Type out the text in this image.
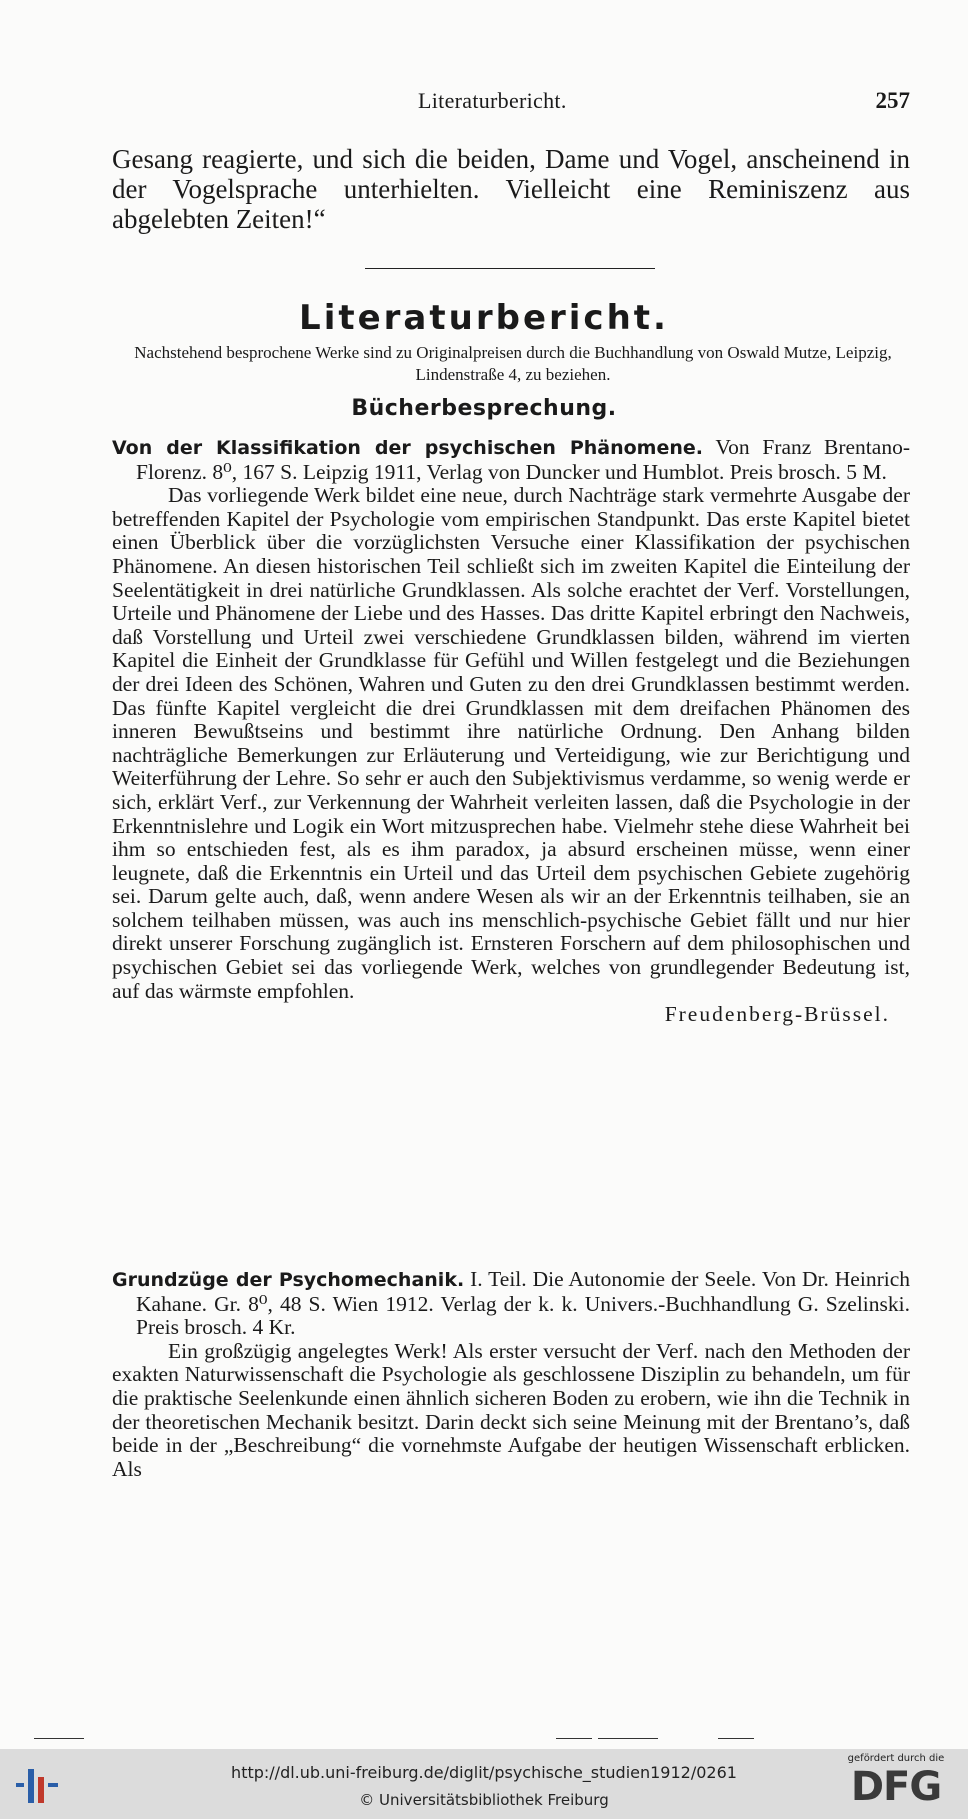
Literaturbericht.	257

Gesang reagierte, und sich die beiden, Dame und Vogel, anscheinend in der Vogelsprache unterhielten. Vielleicht eine Reminiszenz aus abgelebten Zeiten!“

Literaturbericht.
Nachstehend besprochene Werke sind zu Originalpreisen durch die Buchhandlung von Oswald Mutze, Leipzig, Lindenstraße 4, zu beziehen.
Bücherbesprechung.

Von der Klassifikation der psychischen Phänomene. Von Franz Brentano-Florenz. 8⁰, 167 S. Leipzig 1911, Verlag von Duncker und Humblot. Preis brosch. 5 M.

Das vorliegende Werk bildet eine neue, durch Nachträge stark vermehrte Ausgabe der betreffenden Kapitel der Psychologie vom empirischen Standpunkt. Das erste Kapitel bietet einen Überblick über die vorzüglichsten Versuche einer Klassifikation der psychischen Phänomene. An diesen historischen Teil schließt sich im zweiten Kapitel die Einteilung der Seelentätigkeit in drei natürliche Grundklassen. Als solche erachtet der Verf. Vorstellungen, Urteile und Phänomene der Liebe und des Hasses. Das dritte Kapitel erbringt den Nachweis, daß Vorstellung und Urteil zwei verschiedene Grundklassen bilden, während im vierten Kapitel die Einheit der Grundklasse für Gefühl und Willen festgelegt und die Beziehungen der drei Ideen des Schönen, Wahren und Guten zu den drei Grundklassen bestimmt werden. Das fünfte Kapitel vergleicht die drei Grundklassen mit dem dreifachen Phänomen des inneren Bewußtseins und bestimmt ihre natürliche Ordnung. Den Anhang bilden nachträgliche Bemerkungen zur Erläuterung und Verteidigung, wie zur Berichtigung und Weiterführung der Lehre. So sehr er auch den Subjektivismus verdamme, so wenig werde er sich, erklärt Verf., zur Verkennung der Wahrheit verleiten lassen, daß die Psychologie in der Erkenntnislehre und Logik ein Wort mitzusprechen habe. Vielmehr stehe diese Wahrheit bei ihm so entschieden fest, als es ihm paradox, ja absurd erscheinen müsse, wenn einer leugnete, daß die Erkenntnis ein Urteil und das Urteil dem psychischen Gebiete zugehörig sei. Darum gelte auch, daß, wenn andere Wesen als wir an der Erkenntnis teilhaben, sie an solchem teilhaben müssen, was auch ins menschlich-psychische Gebiet fällt und nur hier direkt unserer Forschung zugänglich ist. Ernsteren Forschern auf dem philosophischen und psychischen Gebiet sei das vorliegende Werk, welches von grundlegender Bedeutung ist, auf das wärmste empfohlen.

Freudenberg-Brüssel.

Grundzüge der Psychomechanik. I. Teil. Die Autonomie der Seele. Von Dr. Heinrich Kahane. Gr. 8⁰, 48 S. Wien 1912. Verlag der k. k. Univers.-Buchhandlung G. Szelinski. Preis brosch. 4 Kr.

Ein großzügig angelegtes Werk! Als erster versucht der Verf. nach den Methoden der exakten Naturwissenschaft die Psychologie als geschlossene Disziplin zu behandeln, um für die praktische Seelenkunde einen ähnlich sicheren Boden zu erobern, wie ihn die Technik in der theoretischen Mechanik besitzt. Darin deckt sich seine Meinung mit der Brentano’s, daß beide in der „Beschreibung“ die vornehmste Aufgabe der heutigen Wissenschaft erblicken. Als

http://dl.ub.uni-freiburg.de/diglit/psychische_studien1912/0261
© Universitätsbibliothek Freiburg
gefördert durch die
DFG
